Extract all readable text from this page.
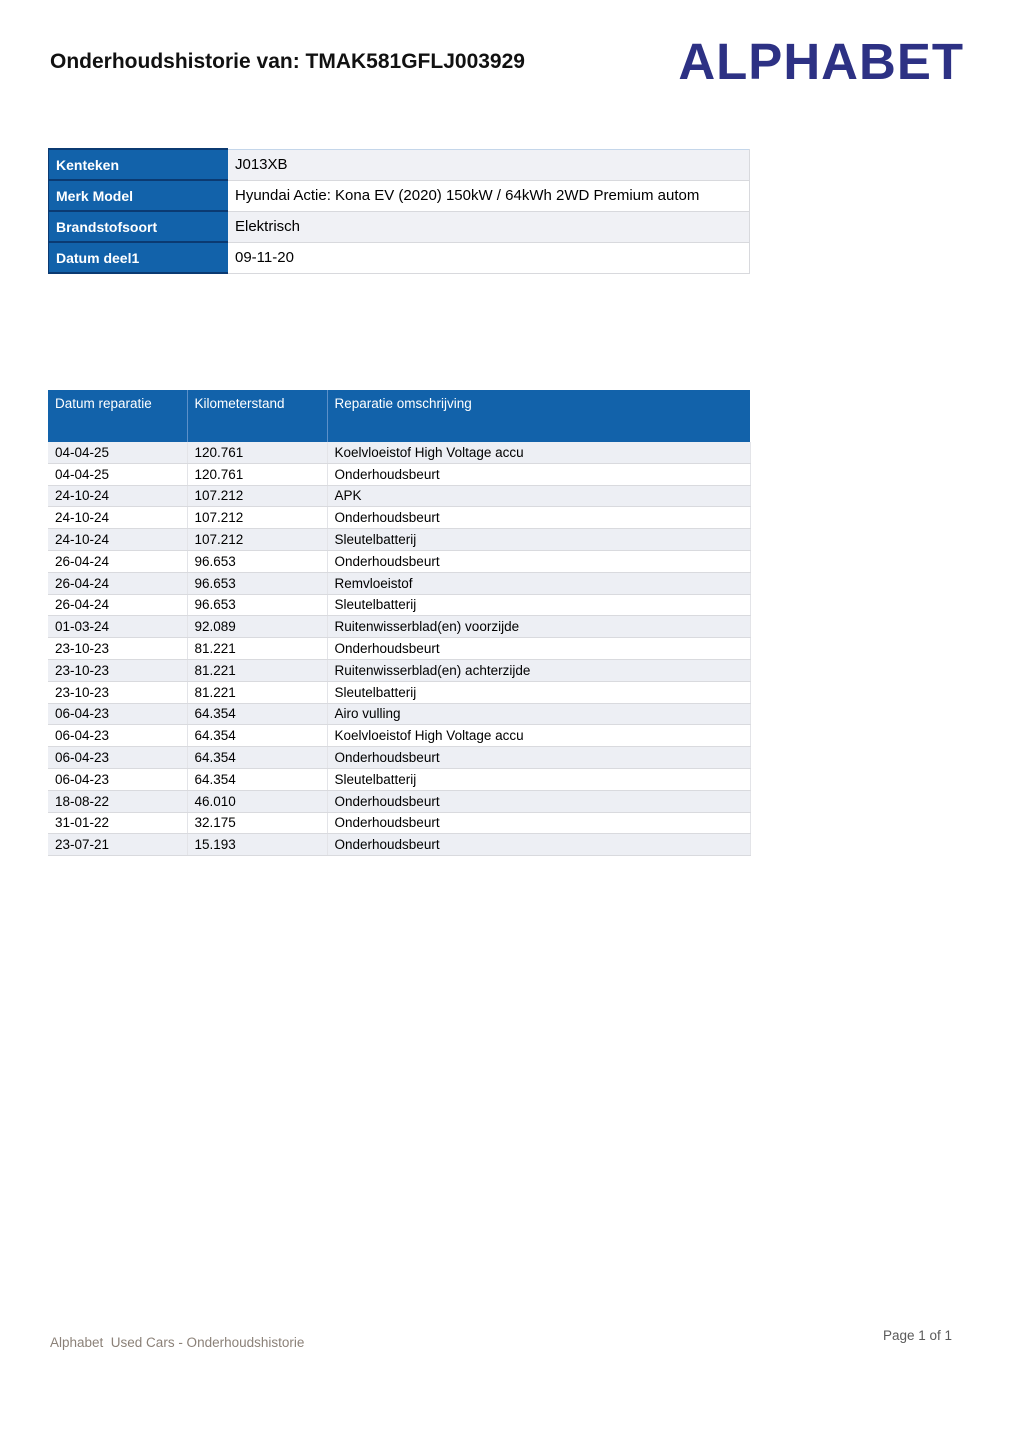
Onderhoudshistorie van: TMAK581GFLJ003929	ALPHABET
Kenteken	J013XB
Merk Model	Hyundai Actie: Kona EV (2020) 150kW / 64kWh 2WD Premium autom
Brandstofsoort	Elektrisch
Datum deel1	09-11-20
Datum reparatie	Kilometerstand	Reparatie omschrijving
04-04-25	120.761	Koelvloeistof High Voltage accu
04-04-25	120.761	Onderhoudsbeurt
24-10-24	107.212	APK
24-10-24	107.212	Onderhoudsbeurt
24-10-24	107.212	Sleutelbatterij
26-04-24	96.653	Onderhoudsbeurt
26-04-24	96.653	Remvloeistof
26-04-24	96.653	Sleutelbatterij
01-03-24	92.089	Ruitenwisserblad(en) voorzijde
23-10-23	81.221	Onderhoudsbeurt
23-10-23	81.221	Ruitenwisserblad(en) achterzijde
23-10-23	81.221	Sleutelbatterij
06-04-23	64.354	Airo vulling
06-04-23	64.354	Koelvloeistof High Voltage accu
06-04-23	64.354	Onderhoudsbeurt
06-04-23	64.354	Sleutelbatterij
18-08-22	46.010	Onderhoudsbeurt
31-01-22	32.175	Onderhoudsbeurt
23-07-21	15.193	Onderhoudsbeurt
Alphabet  Used Cars - Onderhoudshistorie	Page 1 of 1
